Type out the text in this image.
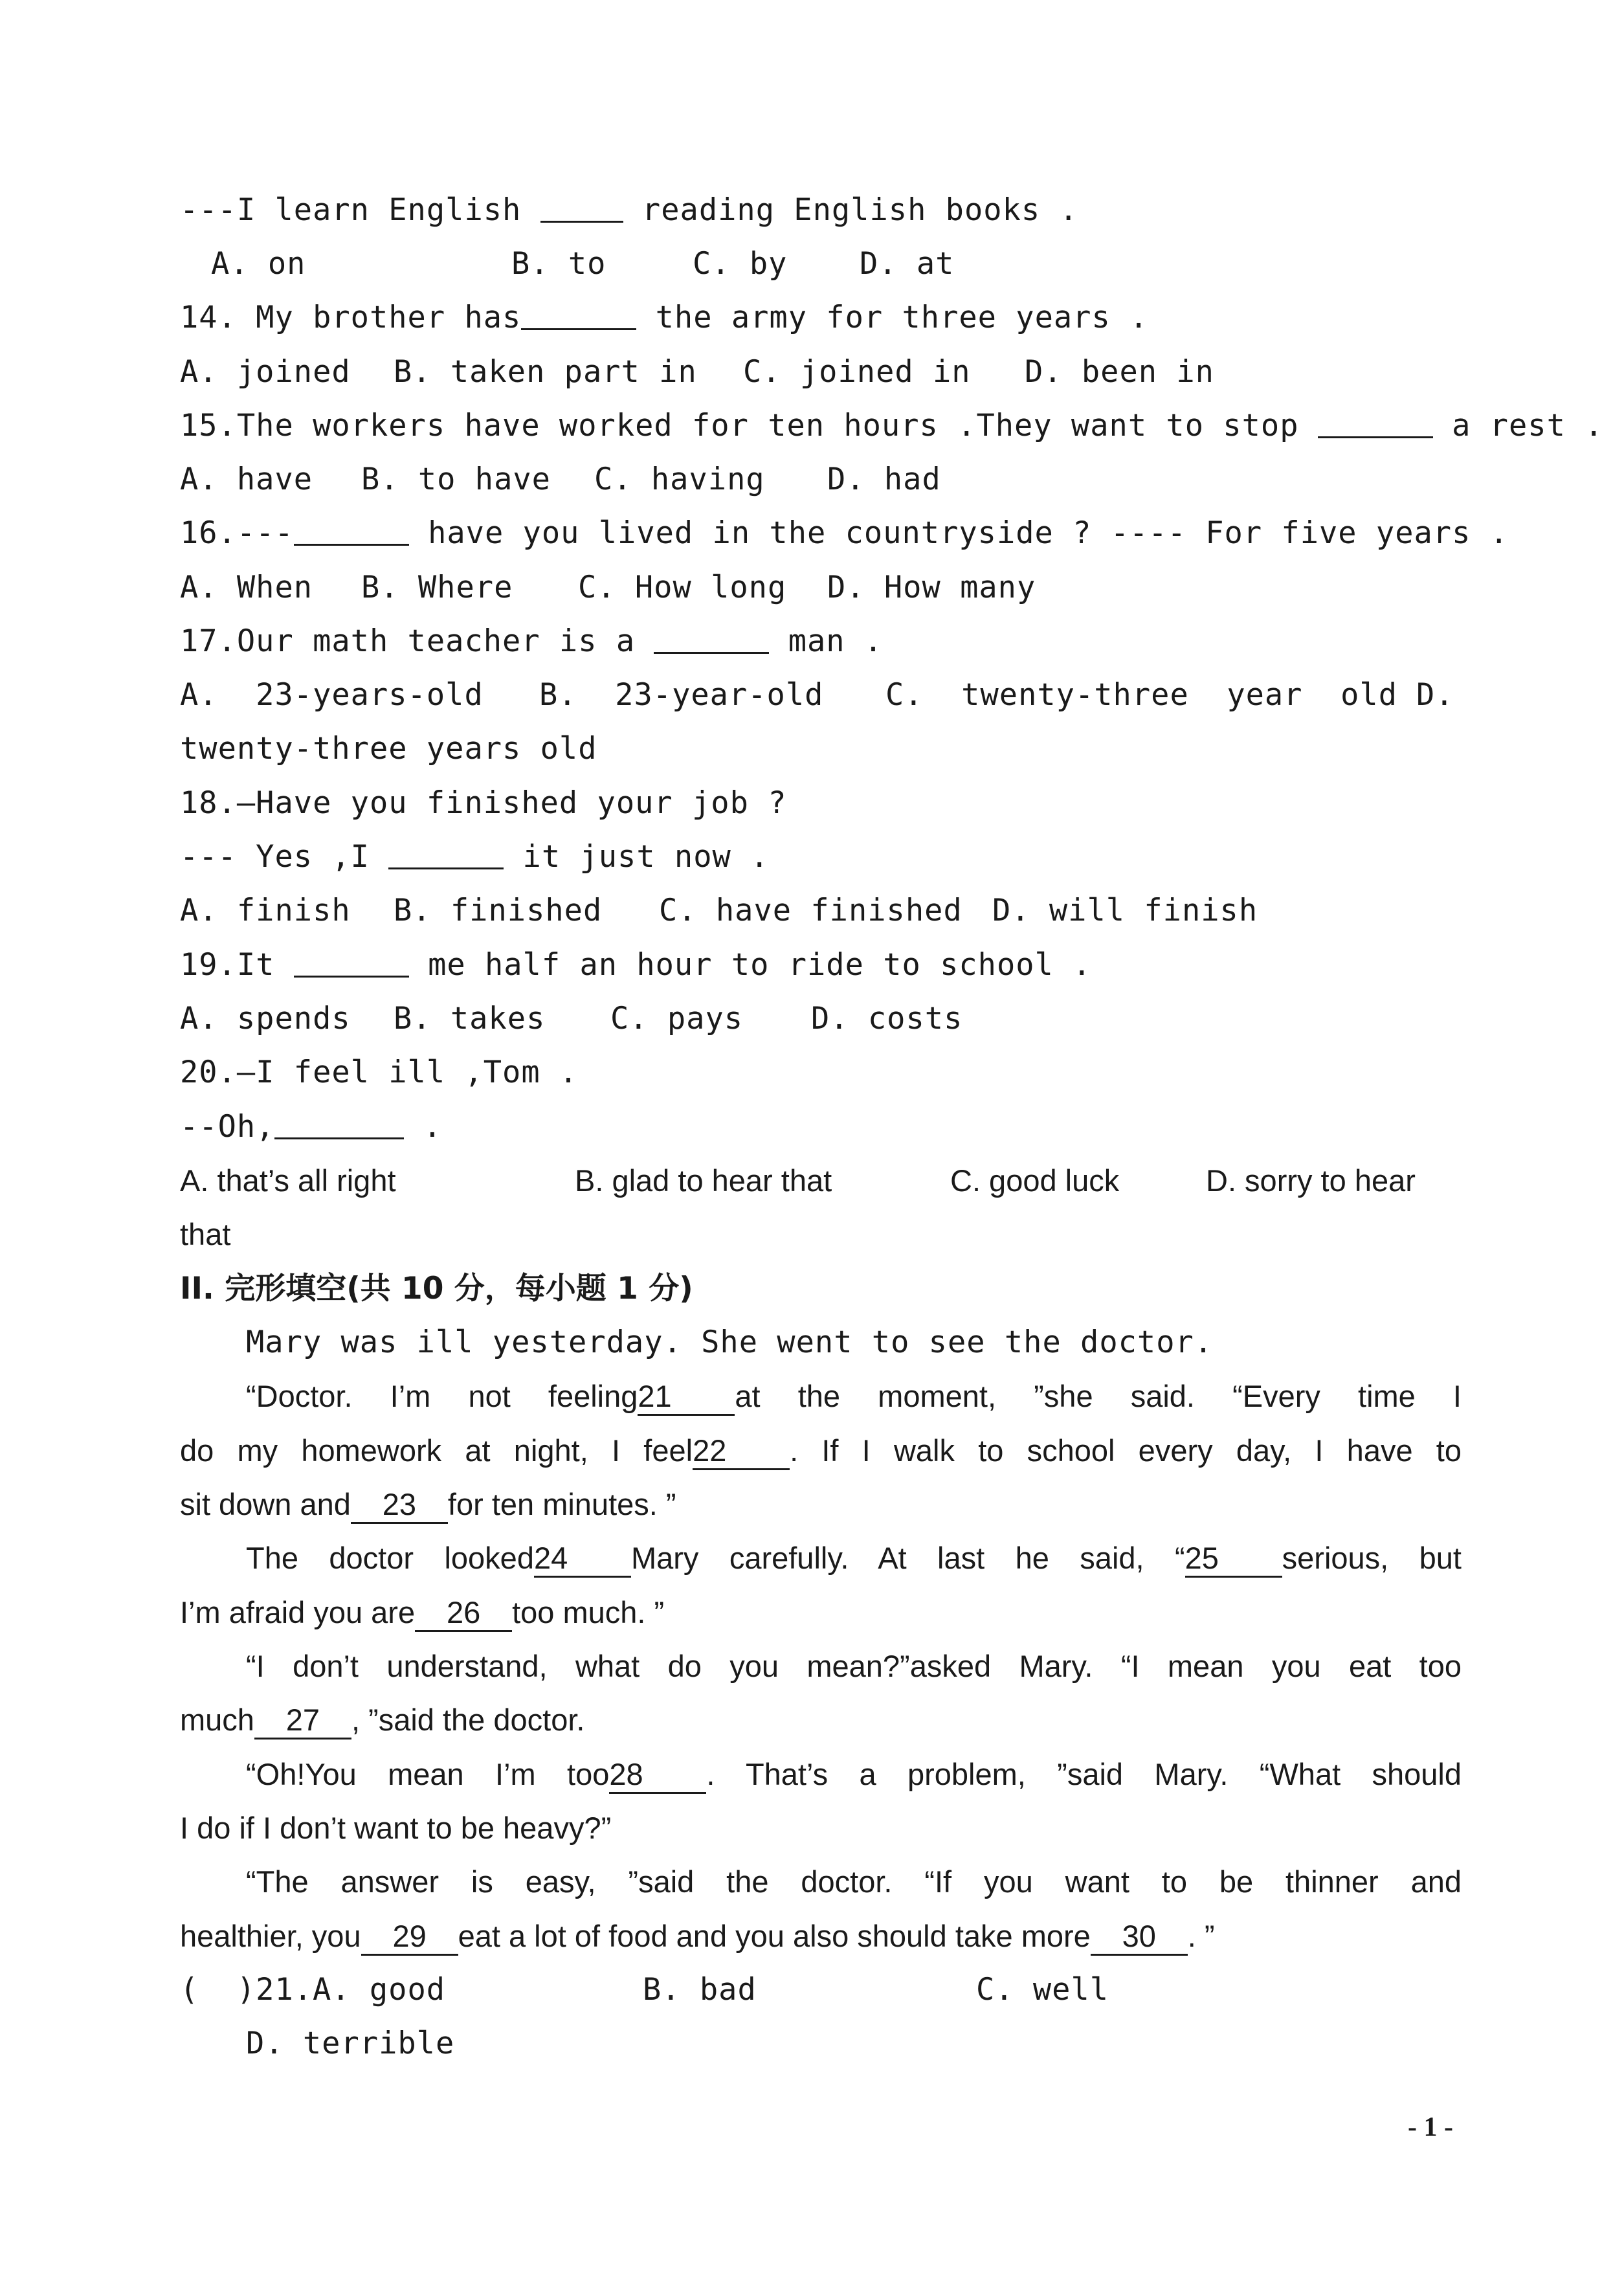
---I learn English	reading English books .
A. on	B. to	C. by D. at
14. My brother has	the army for three years .
A. joined B. taken part in C. joined in D. been in
15.The workers have worked for ten hours .They want to stop	a rest .
A. have B. to have C. having D. had
16.---	have you lived in the countryside ? ---- For five years .
A. When B. Where C. How long D. How many
17.Our math teacher is a	man .
A.  23-years-old B.  23-year-old C.  twenty-three  year  old D.
twenty-three years old
18.—Have you finished your job ?
--- Yes ,I	it just now .
A. finish B. finished C. have finished D. will finish
19.It	me half an hour to ride to school .
A. spends B. takes C. pays D. costs
20.—I feel ill ,Tom .
--Oh,	.
A. that’s all right	B. glad to hear that	C. good luck	D. sorry to hear
that
II. 完形填空(共 10 分，每小题 1 分)
Mary was ill yesterday. She went to see the doctor.
“Doctor. I’m not feeling21 at the moment, ”she said. “Every time I
do my homework at night, I feel22 . If I walk to school every day, I have to
sit down and 23 for ten minutes. ”
The doctor looked24 Mary carefully. At last he said, “25 serious, but
I’m afraid you are 26 too much. ”
“I don’t understand, what do you mean?”asked Mary. “I mean you eat too
much 27 , ”said the doctor.
“Oh!You mean I’m too28 . That’s a problem, ”said Mary. “What should
I do if I don’t want to be heavy?”
“The answer is easy, ”said the doctor. “If you want to be thinner and
healthier, you 29 eat a lot of food and you also should take more 30 . ”
(  )21. A. good	B. bad	C. well
D. terrible
- 1 -
